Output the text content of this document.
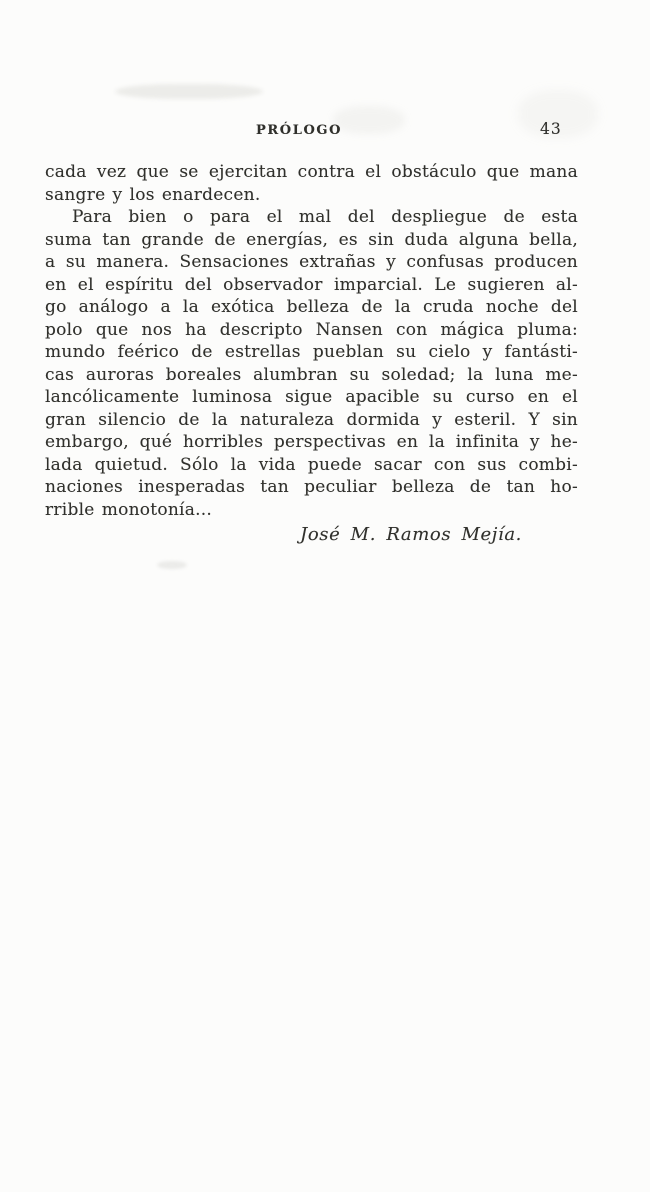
PRÓLOGO	43
cada vez que se ejercitan contra el obstáculo que mana
sangre y los enardecen.
Para bien o para el mal del despliegue de esta
suma tan grande de energías, es sin duda alguna bella,
a su manera. Sensaciones extrañas y confusas producen
en el espíritu del observador imparcial. Le sugieren al-
go análogo a la exótica belleza de la cruda noche del
polo que nos ha descripto Nansen con mágica pluma:
mundo feérico de estrellas pueblan su cielo y fantásti-
cas auroras boreales alumbran su soledad; la luna me-
lancólicamente luminosa sigue apacible su curso en el
gran silencio de la naturaleza dormida y esteril. Y sin
embargo, qué horribles perspectivas en la infinita y he-
lada quietud. Sólo la vida puede sacar con sus combi-
naciones inesperadas tan peculiar belleza de tan ho-
rrible monotonía...
José M. Ramos Mejía.
